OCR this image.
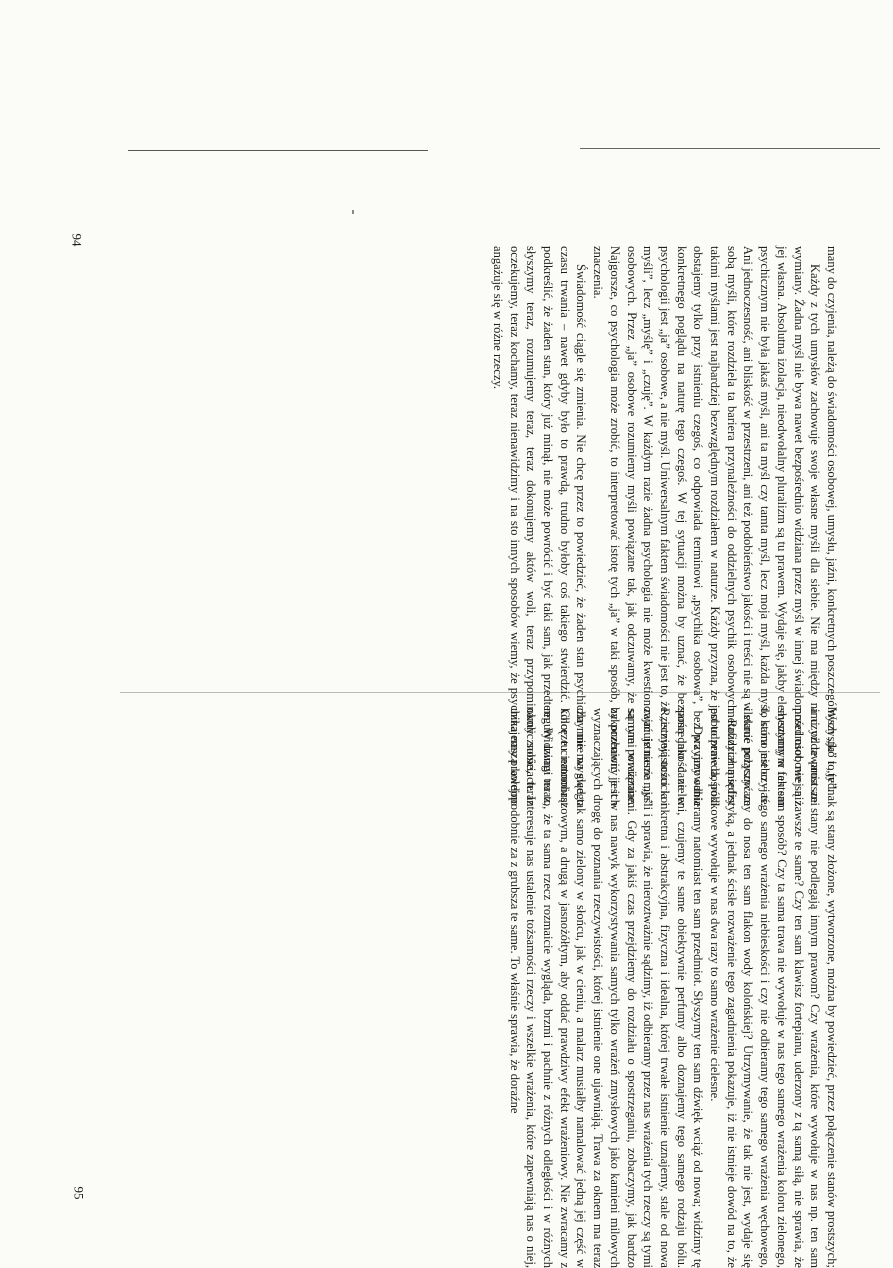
many do czyjenia, należą do świadomości osobowej, umysłu, jaźni, konkretnych poszczególnych „ja” i „ty”.

Każdy z tych umysłów zachowuje swoje własne myśli dla siebie. Nie ma między nimi oddawania ani wymiany. Żadna myśl nie bywa nawet bezpośrednio widziana przez myśl w innej świadomości osobowej niż jej własna. Absolutna izolacja, nieodwołalny pluralizm są tu prawem. Wydaje się, jakby elementarnym faktem psychicznym nie była jakaś myśl, ani ta myśl czy tamta myśl, lecz moja myśl, każda myśl, która jest czyjaś. Ani jednoczesność, ani bliskość w przestrzeni, ani też podobieństwo jakości i treści nie są w stanie połączyć ze sobą myśli, które rozdziela ta bariera przynależności do oddzielnych psychik osobowych. Rozdział między takimi myślami jest najbardziej bezwzględnym rozdziałem w naturze. Każdy przyzna, że jest to prawda, póki obstajemy tylko przy istnieniu czegoś, co odpowiada terminowi „psychika osobowa”, bez przyjmowania konkretnego poglądu na naturę tego czegoś. W tej sytuacji można by uznać, że bezpośrednio dane w psychologii jest „ja” osobowe, a nie myśl. Uniwersalnym faktem świadomości nie jest to, że „istnieją uczucia i myśli”, lecz „myślę” i „czuję”. W każdym razie żadna psychologia nie może kwestionować istnienia „ja” osobowych. Przez „ja” osobowe rozumiemy myśli powiązane tak, jak odczuwamy, że są one powiązane. Najgorsze, co psychologia może zrobić, to interpretować istotę tych „ja” w taki sposób, by pozbawić je ich znaczenia.

Świadomość ciągle się zmienia. Nie chcę przez to powiedzieć, że żaden stan psychiczny nie ma swego czasu trwania – nawet gdyby było to prawdą, trudno byłoby coś takiego stwierdzić. Chcę tu natomiast podkreślić, że żaden stan, który już minął, nie może powrócić i być taki sam, jak przedtem. Widzimy teraz, słyszymy teraz, rozumujemy teraz, teraz dokonujemy aktów woli, teraz przypominamy sobie, teraz oczekujemy, teraz kochamy, teraz nienawidzimy i na sto innych sposobów wiemy, że psychika nasza kolejno angażuje się w różne rzeczy.

Wszystko to jednak są stany złożone, wytworzone, można by powiedzieć, przez połączenie stanów prostszych; a czyż te prostsze stany nie podlegają innym prawom? Czy wrażenia, które wywołuje w nas np. ten sam przedmiot, nie są zawsze te same? Czy ten sam klawisz fortepianu, uderzony z tą samą siłą, nie sprawia, że słyszymy w ten sam sposób? Czy ta sama trawa nie wywołuje w nas tego samego wrażenia koloru zielonego, to samo niebo – tego samego wrażenia niebieskości i czy nie odbieramy tego samego wrażenia węchowego, ilekroć przysuwamy do nosa ten sam flakon wody kolońskiej? Utrzymywanie, że tak nie jest, wydaje się metafizyczną sofistyką, a jednak ścisłe rozważenie tego zagadnienia pokazuje, iż nie istnieje dowód na to, że pobudzenie dośrodkowe wywołuje w nas dwa razy to samo wrażenie cielesne.

Dwa razy odbieramy natomiast ten sam przedmiot. Słyszymy ten sam dźwięk wciąż od nowa; widzimy tę samą jakość zieleni, czujemy te same obiektywnie perfumy albo doznajemy tego samego rodzaju bólu. Rzeczywistości konkretna i abstrakcyjna, fizyczna i idealna, której trwałe istnienie uznajemy, stale od nowa zajmuje nasze myśli i sprawia, że nieroztważnie sądzimy, iż odbieramy przez nas wrażenia tych rzeczy są tymi samymi wrażeniami. Gdy za jakiś czas przejdziemy do rozdziału o spostrzeganiu, zobaczymy, jak bardzo zakorzeniony jest w nas nawyk wykorzystywania samych tylko wrażeń zmysłowych jako kamieni milowych wyznaczających drogę do poznania rzeczywistości, której istnienie one ujawniają. Trawa za oknem ma teraz dla mnie wygląd tak samo zielony w słońcu, jak w cieniu, a malarz musiałby namalować jedną jej część w kolorze ciemnobrązowym, a drugą w jasnożółtym, aby oddać prawdziwy efekt wrażeniowy. Nie zwracamy z reguły uwagi na to, że ta sama rzecz rozmaicie wygląda, brzmi i pachnie z różnych odległości i w różnych okolicznościach. Interesuje nas ustalenie tożsamości rzeczy i wszelkie wrażenia, które zapewniają nas o niej, uznajemy prawdopodobnie za z grubsza te same. To właśnie sprawia, że doraźne

94
95
